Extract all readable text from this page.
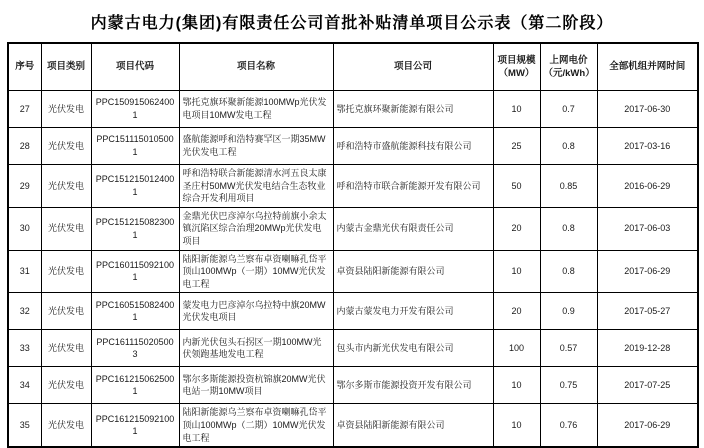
内蒙古电力(集团)有限责任公司首批补贴清单项目公示表（第二阶段）
序号	项目类别	项目代码	项目名称	项目公司	项目规模（MW）	上网电价（元/kWh）	全部机组并网时间
27	光伏发电	PPC1509150624001	鄂托克旗环聚新能源100MWp光伏发电项目10MW发电工程	鄂托克旗环聚新能源有限公司	10	0.7	2017-06-30
28	光伏发电	PPC1511150105001	盛航能源呼和浩特赛罕区一期35MW光伏发电工程	呼和浩特市盛航能源科技有限公司	25	0.8	2017-03-16
29	光伏发电	PPC1512150124001	呼和浩特联合新能源清水河五良太康圣庄村50MW光伏发电结合生态牧业综合开发利用项目	呼和浩特市联合新能源开发有限公司	50	0.85	2016-06-29
30	光伏发电	PPC1512150823001	金鼎光伏巴彦淖尔乌拉特前旗小余太镇沉陷区综合治理20MWp光伏发电项目	内蒙古金鼎光伏有限责任公司	20	0.8	2017-06-03
31	光伏发电	PPC1601150921001	陆阳新能源乌兰察布卓资喇嘛孔岱平顶山100MWp（一期）10MW光伏发电工程	卓资县陆阳新能源有限公司	10	0.8	2017-06-29
32	光伏发电	PPC1605150824001	蒙发电力巴彦淖尔乌拉特中旗20MW光伏发电项目	内蒙古蒙发电力开发有限公司	20	0.9	2017-05-27
33	光伏发电	PPC1611150205003	内新光伏包头石拐区一期100MW光伏领跑基地发电工程	包头市内新光伏发电有限公司	100	0.57	2019-12-28
34	光伏发电	PPC1612150625001	鄂尔多斯能源投资杭锦旗20MW光伏电站一期10MW项目	鄂尔多斯市能源投资开发有限公司	10	0.75	2017-07-25
35	光伏发电	PPC1612150921001	陆阳新能源乌兰察布卓资喇嘛孔岱平顶山100MWp（二期）10MW光伏发电工程	卓资县陆阳新能源有限公司	10	0.76	2017-06-29
